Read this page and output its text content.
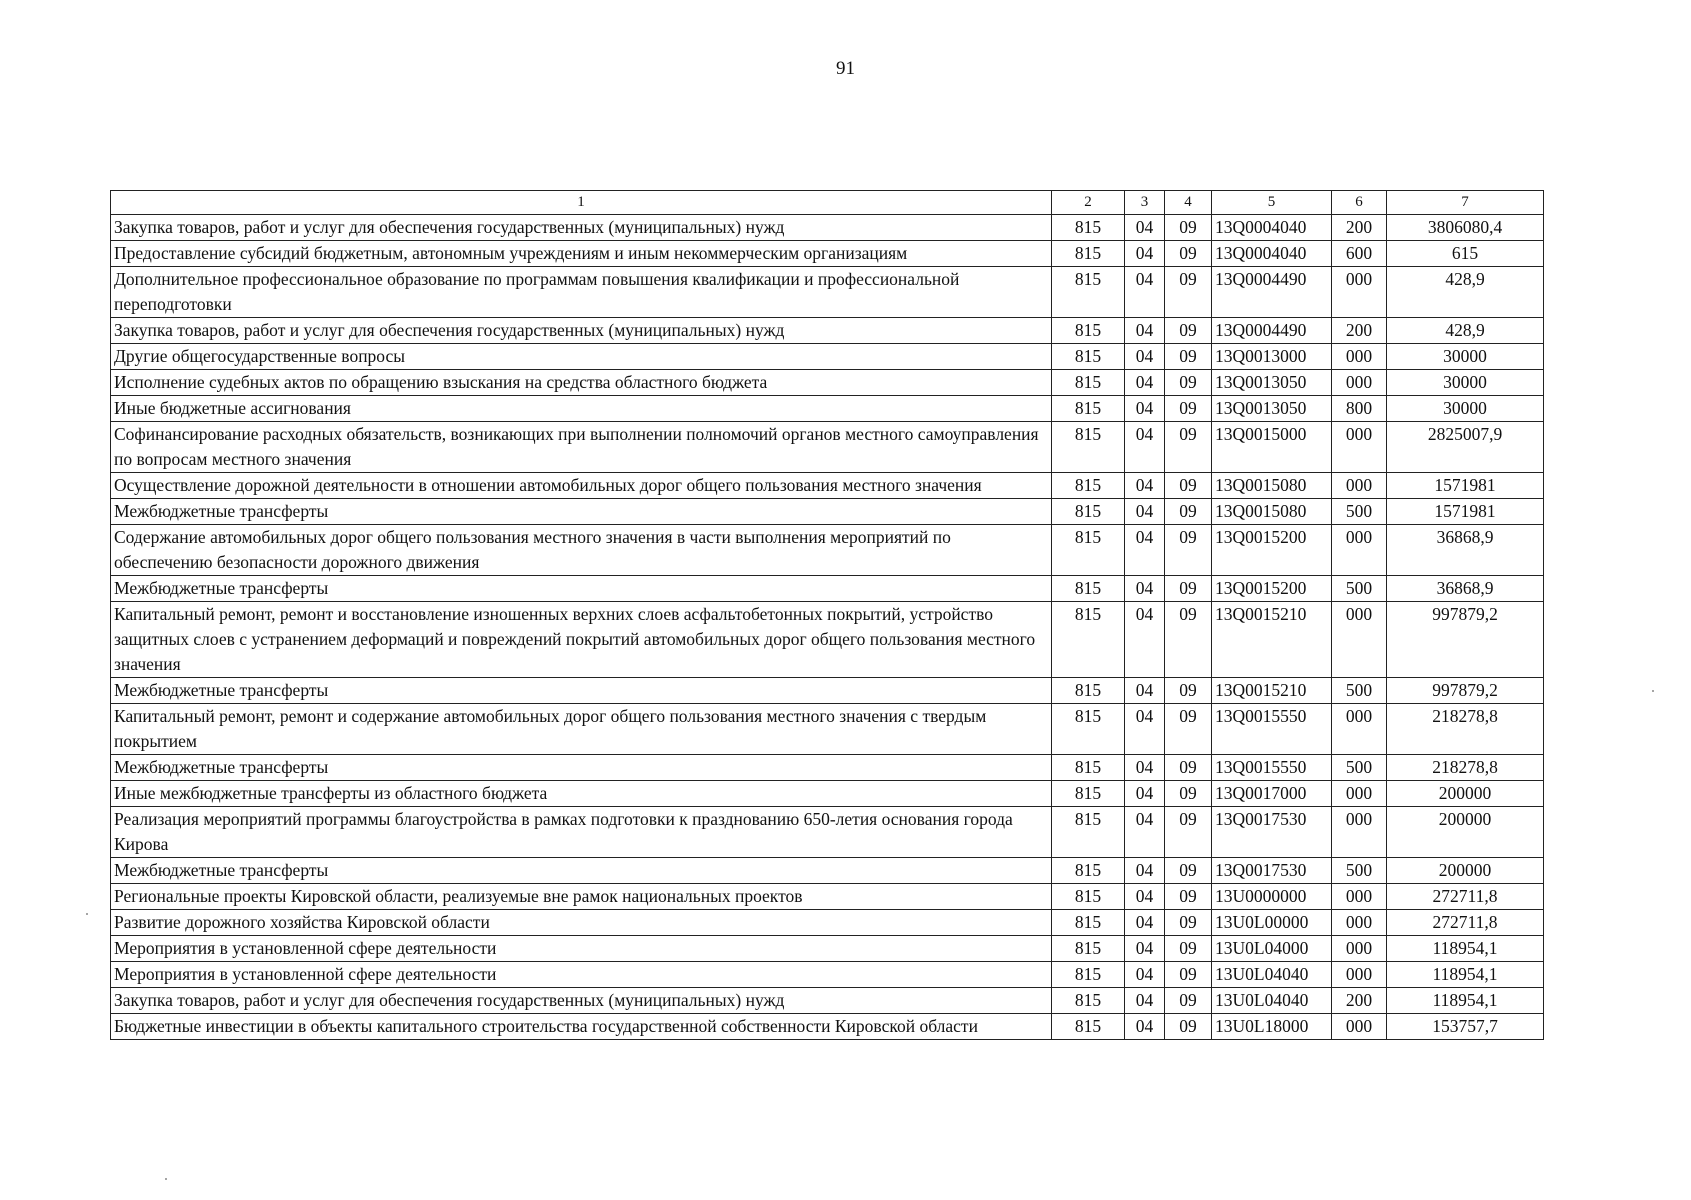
91
1	2	3	4	5	6	7
Закупка товаров, работ и услуг для обеспечения государственных (муниципальных) нужд	815	04	09	13Q0004040	200	3806080,4
Предоставление субсидий бюджетным, автономным учреждениям и иным некоммерческим организациям	815	04	09	13Q0004040	600	615
Дополнительное профессиональное образование по программам повышения квалификации и профессиональной переподготовки	815	04	09	13Q0004490	000	428,9
Закупка товаров, работ и услуг для обеспечения государственных (муниципальных) нужд	815	04	09	13Q0004490	200	428,9
Другие общегосударственные вопросы	815	04	09	13Q0013000	000	30000
Исполнение судебных актов по обращению взыскания на средства областного бюджета	815	04	09	13Q0013050	000	30000
Иные бюджетные ассигнования	815	04	09	13Q0013050	800	30000
Софинансирование расходных обязательств, возникающих при выполнении полномочий органов местного самоуправления по вопросам местного значения	815	04	09	13Q0015000	000	2825007,9
Осуществление дорожной деятельности в отношении автомобильных дорог общего пользования местного значения	815	04	09	13Q0015080	000	1571981
Межбюджетные трансферты	815	04	09	13Q0015080	500	1571981
Содержание автомобильных дорог общего пользования местного значения в части выполнения мероприятий по обеспечению безопасности дорожного движения	815	04	09	13Q0015200	000	36868,9
Межбюджетные трансферты	815	04	09	13Q0015200	500	36868,9
Капитальный ремонт, ремонт и восстановление изношенных верхних слоев асфальтобетонных покрытий, устройство защитных слоев с устранением деформаций и повреждений покрытий автомобильных дорог общего пользования местного значения	815	04	09	13Q0015210	000	997879,2
Межбюджетные трансферты	815	04	09	13Q0015210	500	997879,2
Капитальный ремонт, ремонт и содержание автомобильных дорог общего пользования местного значения с твердым покрытием	815	04	09	13Q0015550	000	218278,8
Межбюджетные трансферты	815	04	09	13Q0015550	500	218278,8
Иные межбюджетные трансферты из областного бюджета	815	04	09	13Q0017000	000	200000
Реализация мероприятий программы благоустройства в рамках подготовки к празднованию 650-летия основания города Кирова	815	04	09	13Q0017530	000	200000
Межбюджетные трансферты	815	04	09	13Q0017530	500	200000
Региональные проекты Кировской области, реализуемые вне рамок национальных проектов	815	04	09	13U0000000	000	272711,8
Развитие дорожного хозяйства Кировской области	815	04	09	13U0L00000	000	272711,8
Мероприятия в установленной сфере деятельности	815	04	09	13U0L04000	000	118954,1
Мероприятия в установленной сфере деятельности	815	04	09	13U0L04040	000	118954,1
Закупка товаров, работ и услуг для обеспечения государственных (муниципальных) нужд	815	04	09	13U0L04040	200	118954,1
Бюджетные инвестиции в объекты капитального строительства государственной собственности Кировской области	815	04	09	13U0L18000	000	153757,7
